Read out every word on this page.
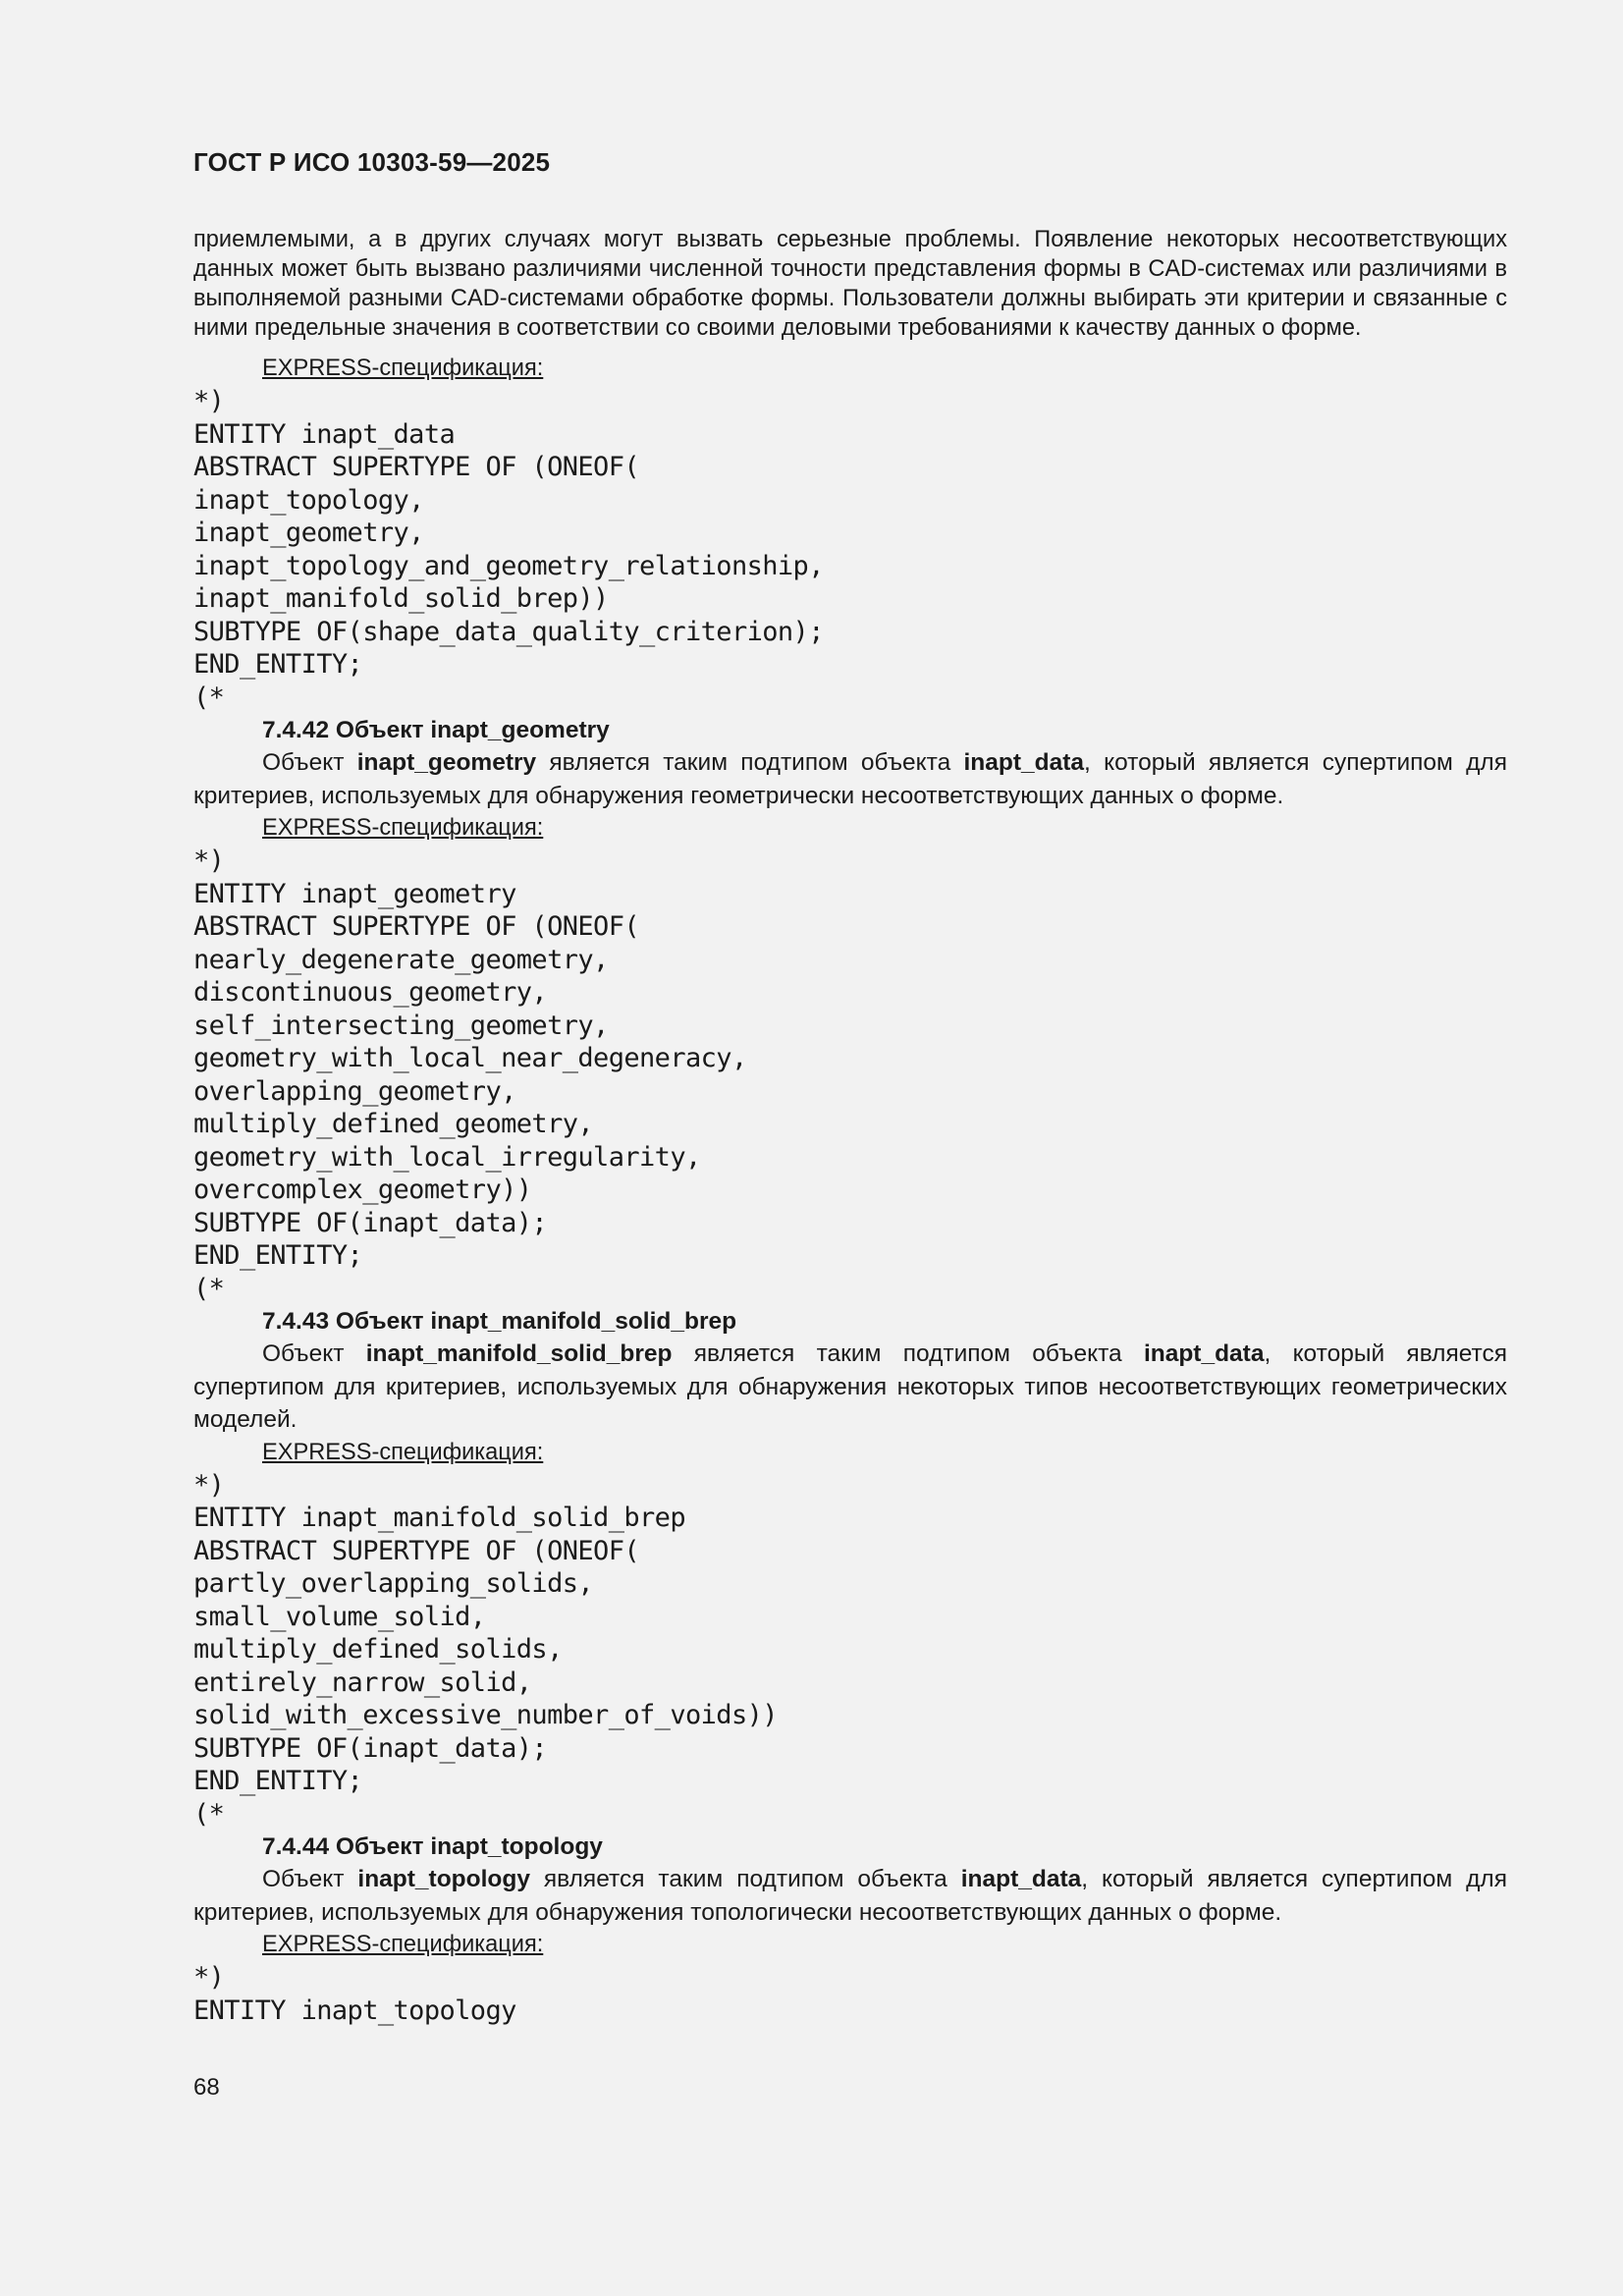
ГОСТ Р ИСО 10303-59—2025

приемлемыми, а в других случаях могут вызвать серьезные проблемы. Появление некоторых несоответствующих данных может быть вызвано различиями численной точности представления формы в CAD-системах или различиями в выполняемой разными CAD-системами обработке формы. Пользователи должны выбирать эти критерии и связанные с ними предельные значения в соответствии со своими деловыми требованиями к качеству данных о форме.

EXPRESS-спецификация:

*)
ENTITY inapt_data
ABSTRACT SUPERTYPE OF (ONEOF(
inapt_topology,
inapt_geometry,
inapt_topology_and_geometry_relationship,
inapt_manifold_solid_brep))
SUBTYPE OF(shape_data_quality_criterion);
END_ENTITY;
(*

7.4.42 Объект inapt_geometry

Объект inapt_geometry является таким подтипом объекта inapt_data, который является супертипом для критериев, используемых для обнаружения геометрически несоответствующих данных о форме.

EXPRESS-спецификация:

*)
ENTITY inapt_geometry
ABSTRACT SUPERTYPE OF (ONEOF(
nearly_degenerate_geometry,
discontinuous_geometry,
self_intersecting_geometry,
geometry_with_local_near_degeneracy,
overlapping_geometry,
multiply_defined_geometry,
geometry_with_local_irregularity,
overcomplex_geometry))
SUBTYPE OF(inapt_data);
END_ENTITY;
(*

7.4.43 Объект inapt_manifold_solid_brep

Объект inapt_manifold_solid_brep является таким подтипом объекта inapt_data, который является супертипом для критериев, используемых для обнаружения некоторых типов несоответствующих геометрических моделей.

EXPRESS-спецификация:

*)
ENTITY inapt_manifold_solid_brep
ABSTRACT SUPERTYPE OF (ONEOF(
partly_overlapping_solids,
small_volume_solid,
multiply_defined_solids,
entirely_narrow_solid,
solid_with_excessive_number_of_voids))
SUBTYPE OF(inapt_data);
END_ENTITY;
(*

7.4.44 Объект inapt_topology

Объект inapt_topology является таким подтипом объекта inapt_data, который является супертипом для критериев, используемых для обнаружения топологически несоответствующих данных о форме.

EXPRESS-спецификация:

*)
ENTITY inapt_topology
68
